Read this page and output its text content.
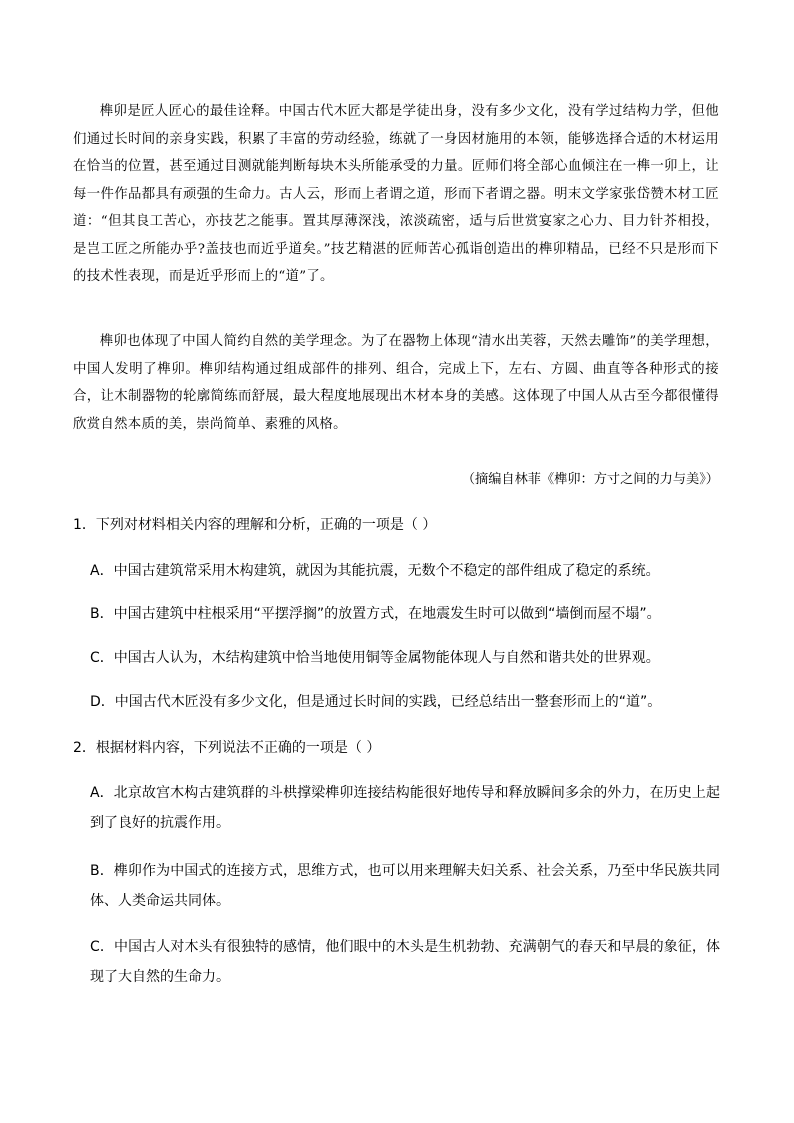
榫卯是匠人匠心的最佳诠释。中国古代木匠大都是学徒出身，没有多少文化，没有学过结构力学，但他们通过长时间的亲身实践，积累了丰富的劳动经验，练就了一身因材施用的本领，能够选择合适的木材运用在恰当的位置，甚至通过目测就能判断每块木头所能承受的力量。匠师们将全部心血倾注在一榫一卯上，让每一件作品都具有顽强的生命力。古人云，形而上者谓之道，形而下者谓之器。明末文学家张岱赞木材工匠道：“但其良工苦心，亦技艺之能事。置其厚薄深浅，浓淡疏密，适与后世赏宴家之心力、目力针芥相投，是岂工匠之所能办乎?盖技也而近乎道矣。”技艺精湛的匠师苦心孤诣创造出的榫卯精品，已经不只是形而下的技术性表现，而是近乎形而上的“道”了。

榫卯也体现了中国人简约自然的美学理念。为了在器物上体现“清水出芙蓉，天然去雕饰”的美学理想，中国人发明了榫卯。榫卯结构通过组成部件的排列、组合，完成上下，左右、方圆、曲直等各种形式的接合，让木制器物的轮廓简练而舒展，最大程度地展现出木材本身的美感。这体现了中国人从古至今都很懂得欣赏自然本质的美，崇尚简单、素雅的风格。

（摘编自林菲《榫卯：方寸之间的力与美》）

1．下列对材料相关内容的理解和分析，正确的一项是（ ）

A．中国古建筑常采用木构建筑，就因为其能抗震，无数个不稳定的部件组成了稳定的系统。

B．中国古建筑中柱根采用“平摆浮搁”的放置方式，在地震发生时可以做到“墙倒而屋不塌”。

C．中国古人认为，木结构建筑中恰当地使用铜等金属物能体现人与自然和谐共处的世界观。

D．中国古代木匠没有多少文化，但是通过长时间的实践，已经总结出一整套形而上的“道”。

2．根据材料内容，下列说法不正确的一项是（ ）

A．北京故宫木构古建筑群的斗栱撑梁榫卯连接结构能很好地传导和释放瞬间多余的外力，在历史上起到了良好的抗震作用。

B．榫卯作为中国式的连接方式，思维方式，也可以用来理解夫妇关系、社会关系，乃至中华民族共同体、人类命运共同体。

C．中国古人对木头有很独特的感情，他们眼中的木头是生机勃勃、充满朝气的春天和早晨的象征，体现了大自然的生命力。
